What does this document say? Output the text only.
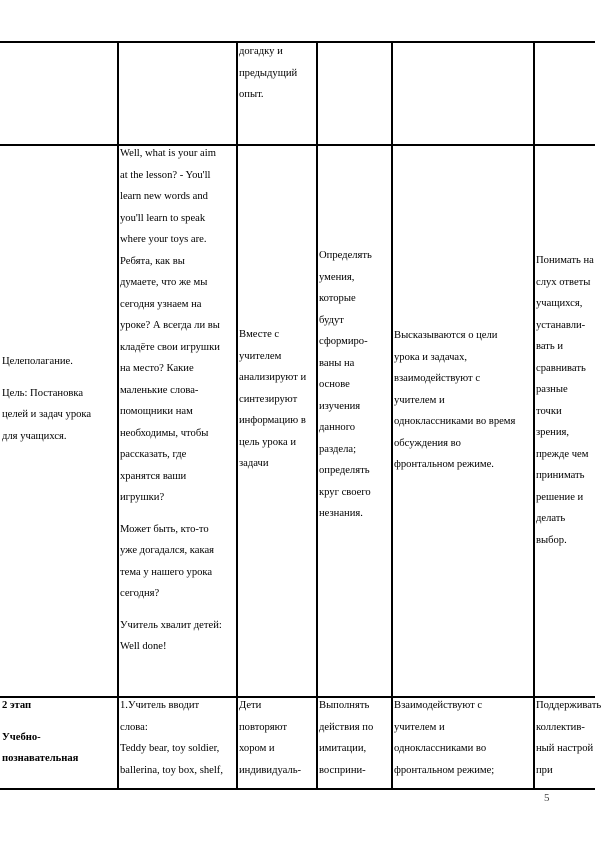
догадку и

предыдущий

опыт.

Целеполагание.

Цель: Постановка

целей и задач урока

для учащихся.

Well, what is your aim

at the lesson? - You'll

learn new words and

you'll learn to speak

where your toys are.

Ребята, как вы

думаете, что же мы

сегодня узнаем на

уроке? А всегда ли вы

кладёте свои игрушки

на место? Какие

маленькие слова-

помощники нам

необходимы, чтобы

рассказать, где

хранятся ваши

игрушки?

Может быть, кто-то

уже догадался, какая

тема у нашего урока

сегодня?

Учитель хвалит детей:

Well done!

Вместе с

учителем

анализируют и

синтезируют

информацию в

цель урока и

задачи

Определять

умения,

которые

будут

сформиро-

ваны на

основе

изучения

данного

раздела;

определять

круг своего

незнания.

Высказываются о цели

урока и задачах,

взаимодействуют с

учителем и

одноклассниками во время

обсуждения во

фронтальном режиме.

Понимать на

слух ответы

учащихся,

устанавли-

вать и

сравнивать

разные

точки

зрения,

прежде чем

принимать

решение и

делать

выбор.

2 этап

Учебно-

познавательная

1.Учитель вводит

слова:

Teddy bear, toy soldier,

ballerina, toy box, shelf,

Дети

повторяют

хором и

индивидуаль-

Выполнять

действия по

имитации,

восприни-

Взаимодействуют с

учителем и

одноклассниками во

фронтальном режиме;

Поддерживать

коллектив-

ный настрой

при

5
